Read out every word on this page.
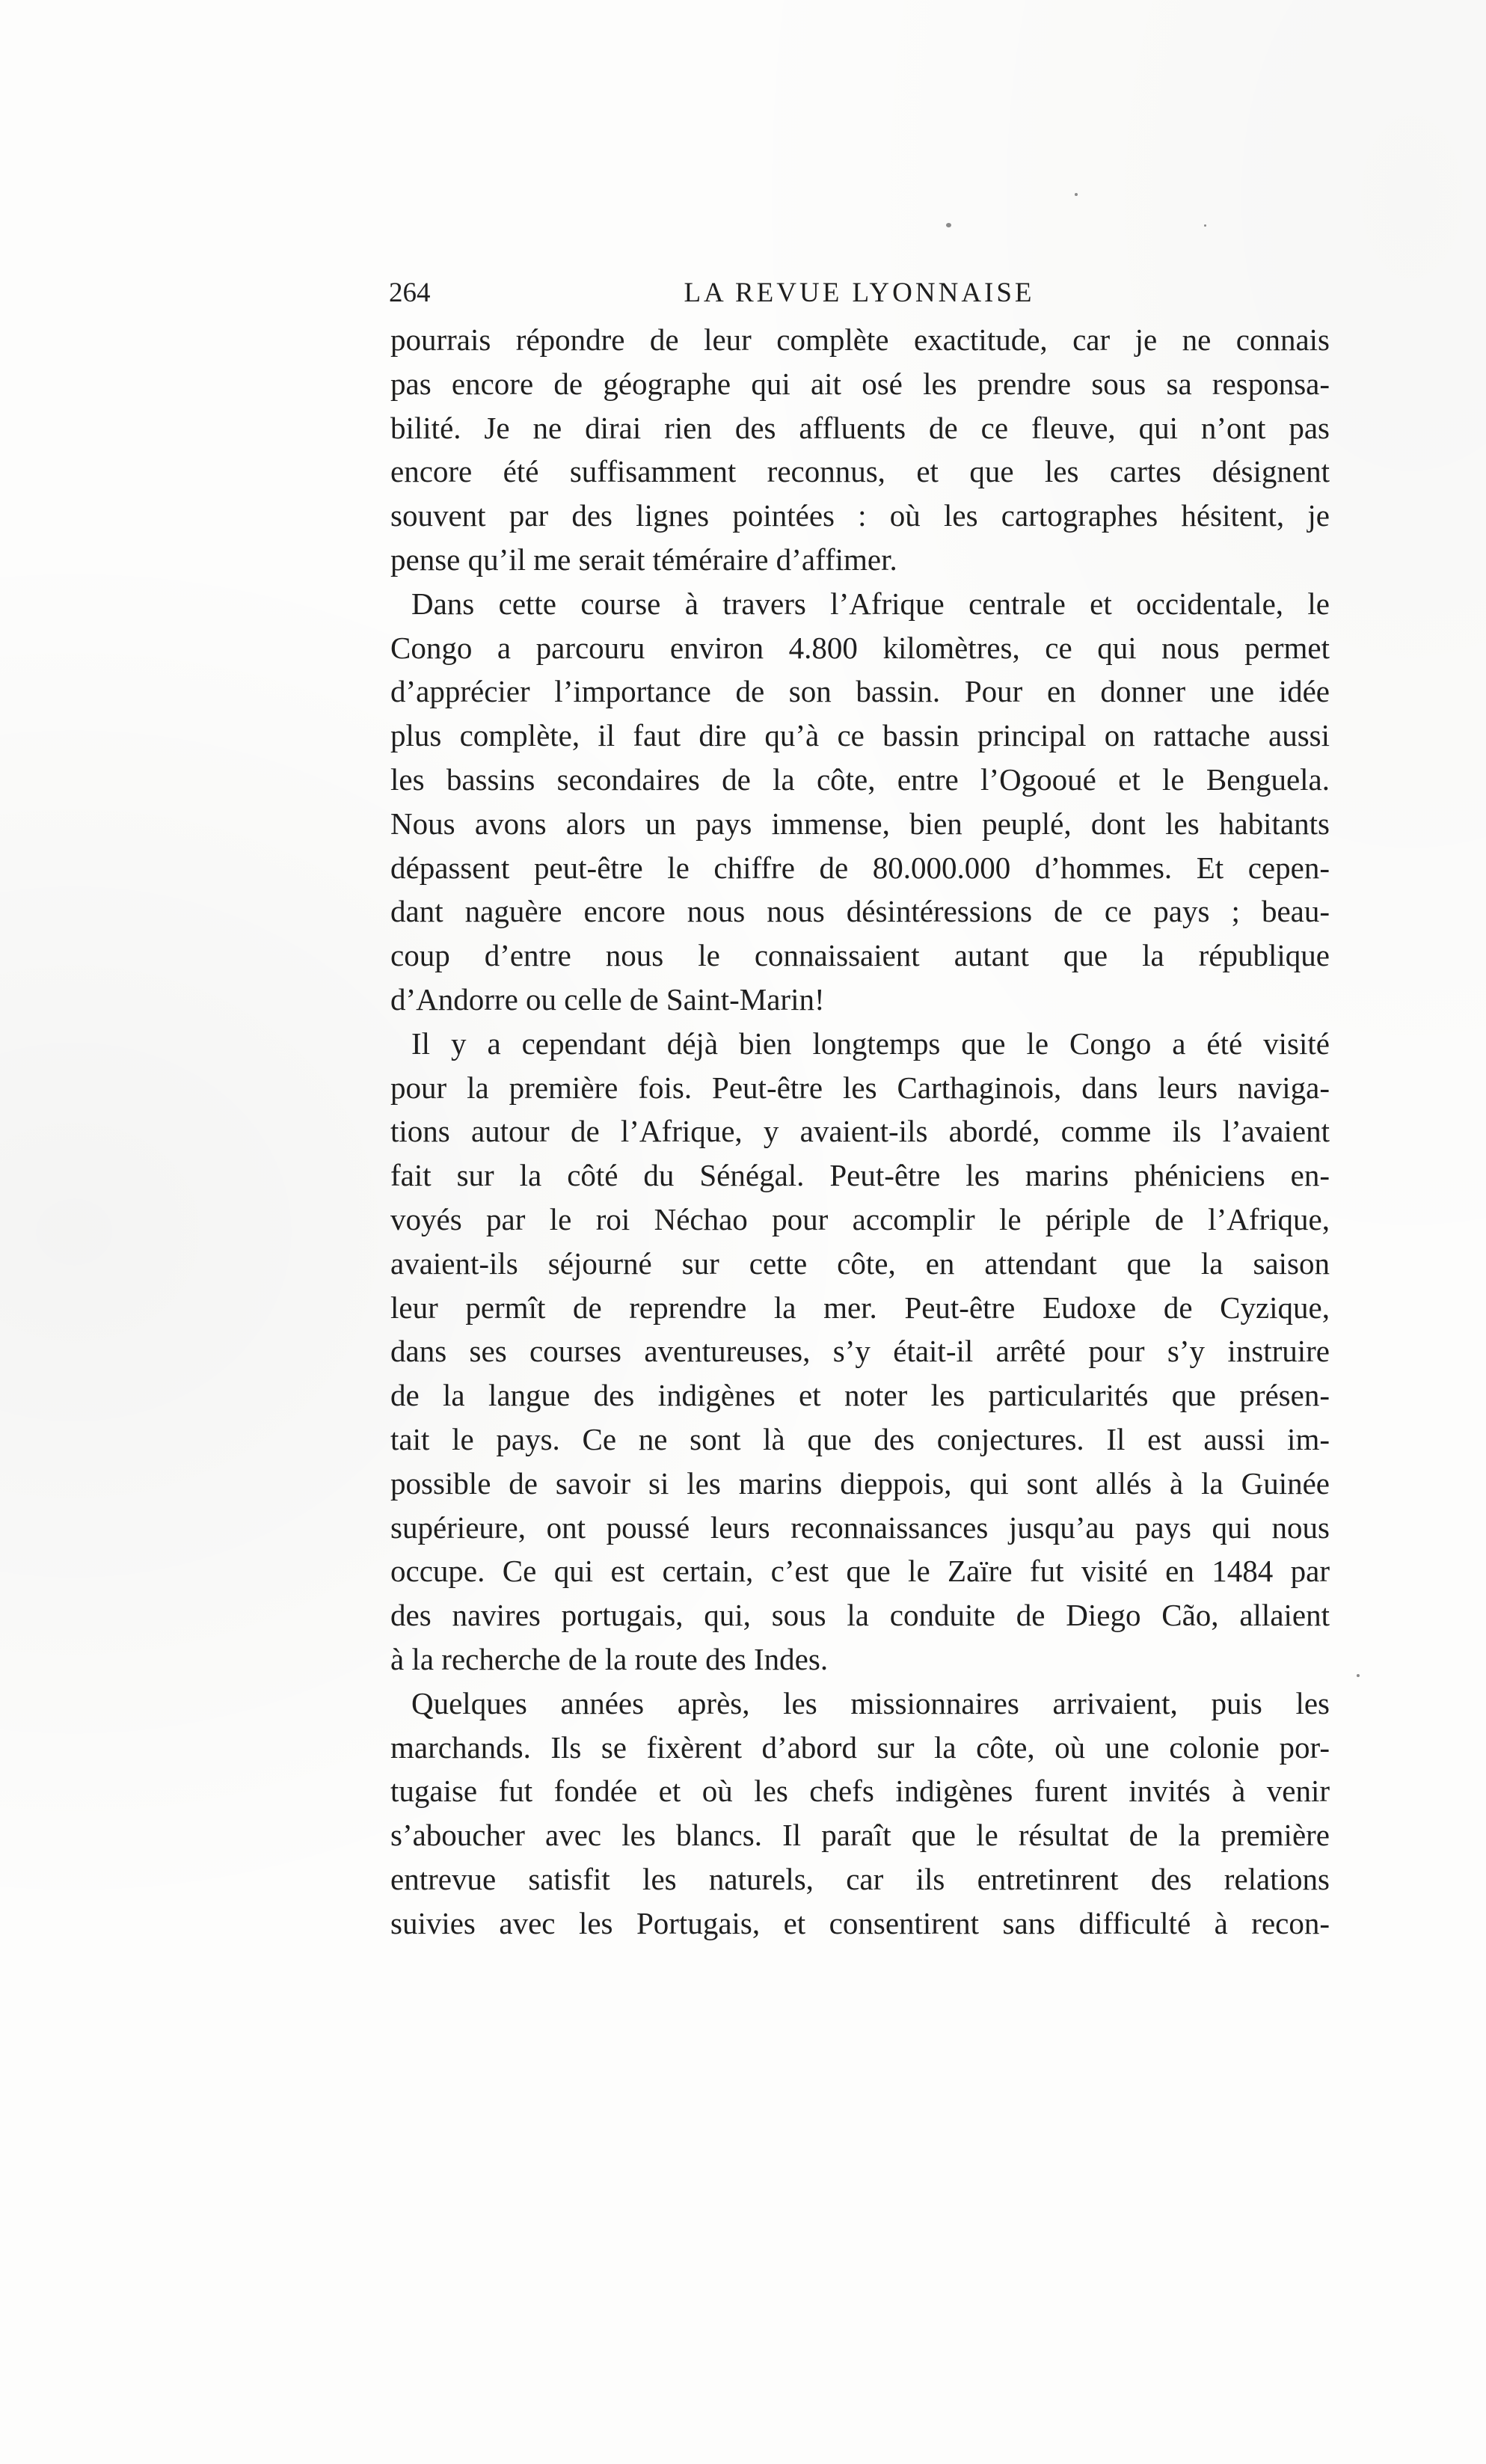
264	LA REVUE LYONNAISE
pourrais répondre de leur complète exactitude, car je ne connais
pas encore de géographe qui ait osé les prendre sous sa responsa-
bilité. Je ne dirai rien des affluents de ce fleuve, qui n’ont pas
encore été suffisamment reconnus, et que les cartes désignent
souvent par des lignes pointées : où les cartographes hésitent, je
pense qu’il me serait téméraire d’affimer.
Dans cette course à travers l’Afrique centrale et occidentale, le
Congo a parcouru environ 4.800 kilomètres, ce qui nous permet
d’apprécier l’importance de son bassin. Pour en donner une idée
plus complète, il faut dire qu’à ce bassin principal on rattache aussi
les bassins secondaires de la côte, entre l’Ogooué et le Benguela.
Nous avons alors un pays immense, bien peuplé, dont les habitants
dépassent peut-être le chiffre de 80.000.000 d’hommes. Et cepen-
dant naguère encore nous nous désintéressions de ce pays ; beau-
coup d’entre nous le connaissaient autant que la république
d’Andorre ou celle de Saint-Marin!
Il y a cependant déjà bien longtemps que le Congo a été visité
pour la première fois. Peut-être les Carthaginois, dans leurs naviga-
tions autour de l’Afrique, y avaient-ils abordé, comme ils l’avaient
fait sur la côté du Sénégal. Peut-être les marins phéniciens en-
voyés par le roi Néchao pour accomplir le périple de l’Afrique,
avaient-ils séjourné sur cette côte, en attendant que la saison
leur permît de reprendre la mer. Peut-être Eudoxe de Cyzique,
dans ses courses aventureuses, s’y était-il arrêté pour s’y instruire
de la langue des indigènes et noter les particularités que présen-
tait le pays. Ce ne sont là que des conjectures. Il est aussi im-
possible de savoir si les marins dieppois, qui sont allés à la Guinée
supérieure, ont poussé leurs reconnaissances jusqu’au pays qui nous
occupe. Ce qui est certain, c’est que le Zaïre fut visité en 1484 par
des navires portugais, qui, sous la conduite de Diego Cão, allaient
à la recherche de la route des Indes.
Quelques années après, les missionnaires arrivaient, puis les
marchands. Ils se fixèrent d’abord sur la côte, où une colonie por-
tugaise fut fondée et où les chefs indigènes furent invités à venir
s’aboucher avec les blancs. Il paraît que le résultat de la première
entrevue satisfit les naturels, car ils entretinrent des relations
suivies avec les Portugais, et consentirent sans difficulté à recon-
